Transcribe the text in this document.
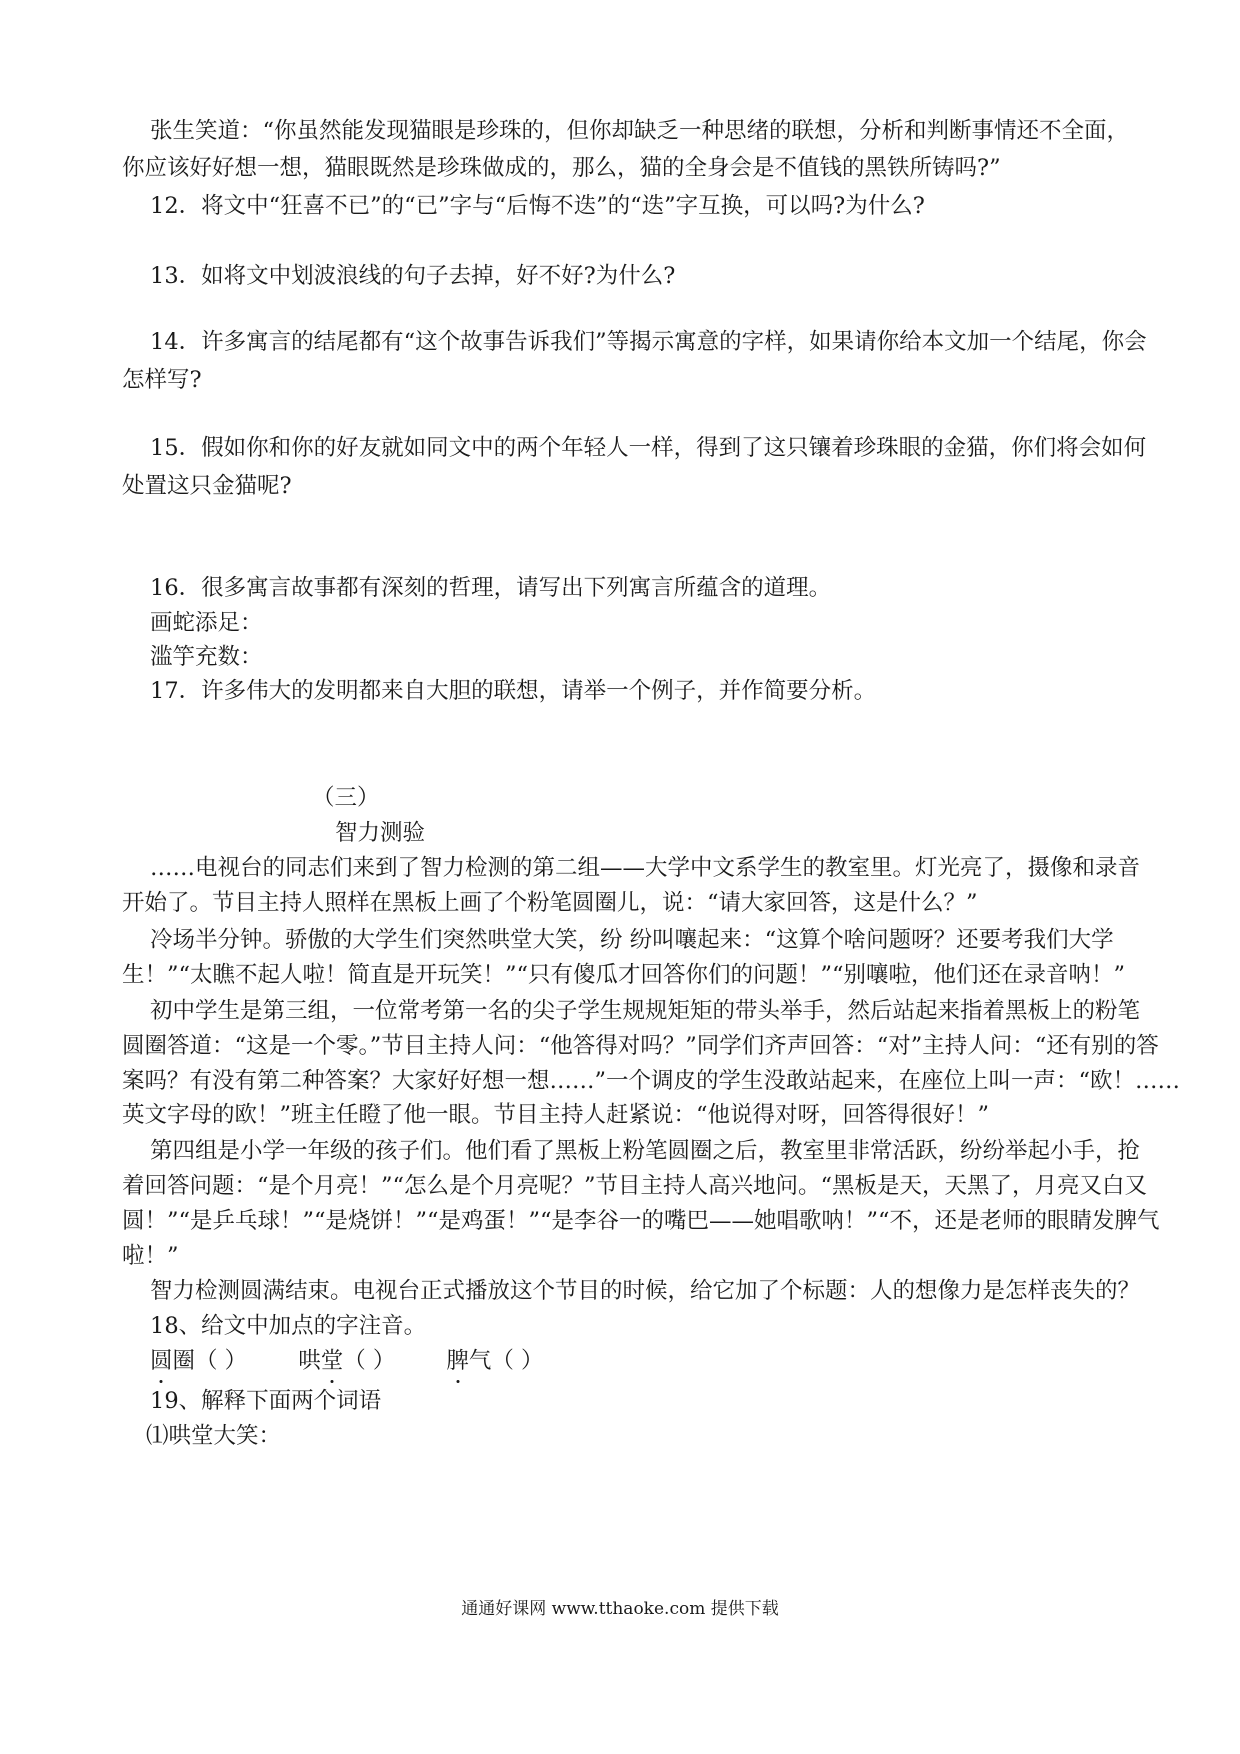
张生笑道：“你虽然能发现猫眼是珍珠的，但你却缺乏一种思绪的联想，分析和判断事情还不全面，
你应该好好想一想，猫眼既然是珍珠做成的，那么，猫的全身会是不值钱的黑铁所铸吗?”
12．将文中“狂喜不已”的“已”字与“后悔不迭”的“迭”字互换，可以吗?为什么?
13．如将文中划波浪线的句子去掉，好不好?为什么?
14．许多寓言的结尾都有“这个故事告诉我们”等揭示寓意的字样，如果请你给本文加一个结尾，你会
怎样写?
15．假如你和你的好友就如同文中的两个年轻人一样，得到了这只镶着珍珠眼的金猫，你们将会如何
处置这只金猫呢?
16．很多寓言故事都有深刻的哲理，请写出下列寓言所蕴含的道理。
画蛇添足：
滥竽充数：
17．许多伟大的发明都来自大胆的联想，请举一个例子，并作简要分析。
（三）
智力测验
……电视台的同志们来到了智力检测的第二组——大学中文系学生的教室里。灯光亮了，摄像和录音
开始了。节目主持人照样在黑板上画了个粉笔圆圈儿，说：“请大家回答，这是什么？”
冷场半分钟。骄傲的大学生们突然哄堂大笑，纷 纷叫嚷起来：“这算个啥问题呀？还要考我们大学
生！”“太瞧不起人啦！简直是开玩笑！”“只有傻瓜才回答你们的问题！”“别嚷啦，他们还在录音呐！”
初中学生是第三组，一位常考第一名的尖子学生规规矩矩的带头举手，然后站起来指着黑板上的粉笔
圆圈答道：“这是一个零。”节目主持人问：“他答得对吗？”同学们齐声回答：“对”主持人问：“还有别的答
案吗？有没有第二种答案？大家好好想一想……”一个调皮的学生没敢站起来，在座位上叫一声：“欧！……
英文字母的欧！”班主任瞪了他一眼。节目主持人赶紧说：“他说得对呀，回答得很好！”
第四组是小学一年级的孩子们。他们看了黑板上粉笔圆圈之后，教室里非常活跃，纷纷举起小手，抢
着回答问题：“是个月亮！”“怎么是个月亮呢？”节目主持人高兴地问。“黑板是天，天黑了，月亮又白又
圆！”“是乒乓球！”“是烧饼！”“是鸡蛋！”“是李谷一的嘴巴——她唱歌呐！”“不，还是老师的眼睛发脾气
啦！”
智力检测圆满结束。电视台正式播放这个节目的时候，给它加了个标题：人的想像力是怎样丧失的？
18、给文中加点的字注音。
圆
圈（ ） 哄堂
（ ） 脾
气（ ）
19、解释下面两个词语
⑴哄堂大笑：
通通好课网 www.tthaoke.com 提供下载
